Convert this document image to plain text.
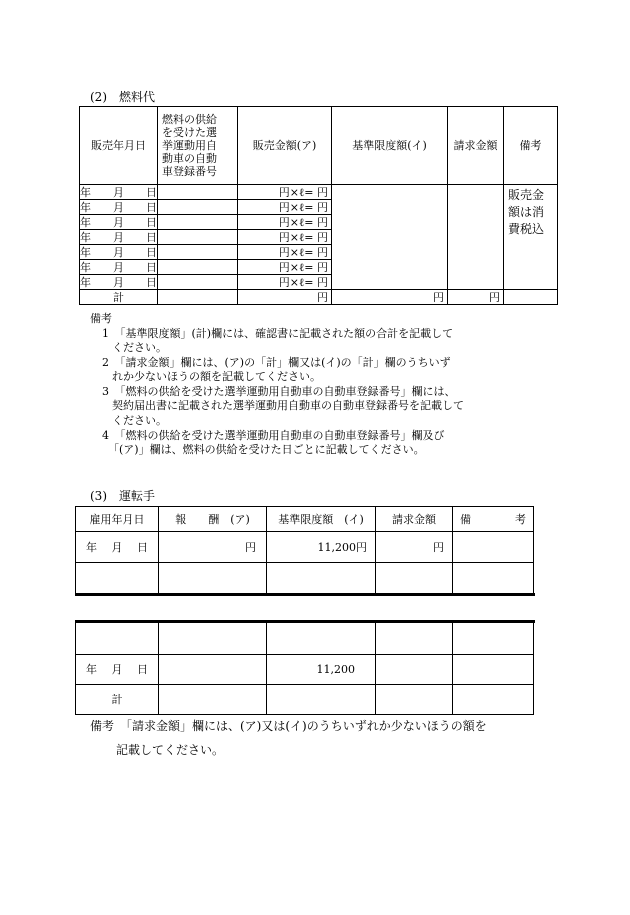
(2)　燃料代
販売年月日	燃料の供給
を受けた選
挙運動用自
動車の自動
車登録番号	販売金額(ア)	基準限度額(イ)	請求金額	備考
年　　月　　日		円×ℓ= 円			販売金
額は消
費税込

年　　月　　日		円×ℓ= 円			
年　　月　　日		円×ℓ= 円			
年　　月　　日		円×ℓ= 円			
年　　月　　日		円×ℓ= 円			
年　　月　　日		円×ℓ= 円			
年　　月　　日		円×ℓ= 円			
計		円	円	円	
備考
1　「基準限度額」(計)欄には、確認書に記載された額の合計を記載して
ください。
2　「請求金額」欄には、(ア)の「計」欄又は(イ)の「計」欄のうちいず
れか少ないほうの額を記載してください。
3　「燃料の供給を受けた選挙運動用自動車の自動車登録番号」欄には、
契約届出書に記載された選挙運動用自動車の自動車登録番号を記載して
ください。
4　「燃料の供給を受けた選挙運動用自動車の自動車登録番号」欄及び
「(ア)」欄は、燃料の供給を受けた日ごとに記載してください。
(3)　運転手
雇用年月日	報　　酬　(ア)	基準限度額　(イ)	請求金額	備　　　　考
年　 月　 日	円	11,200円	円	

年　 月　 日		11,200		
計				
備考　「請求金額」欄には、(ア)又は(イ)のうちいずれか少ないほうの額を
記載してください。
